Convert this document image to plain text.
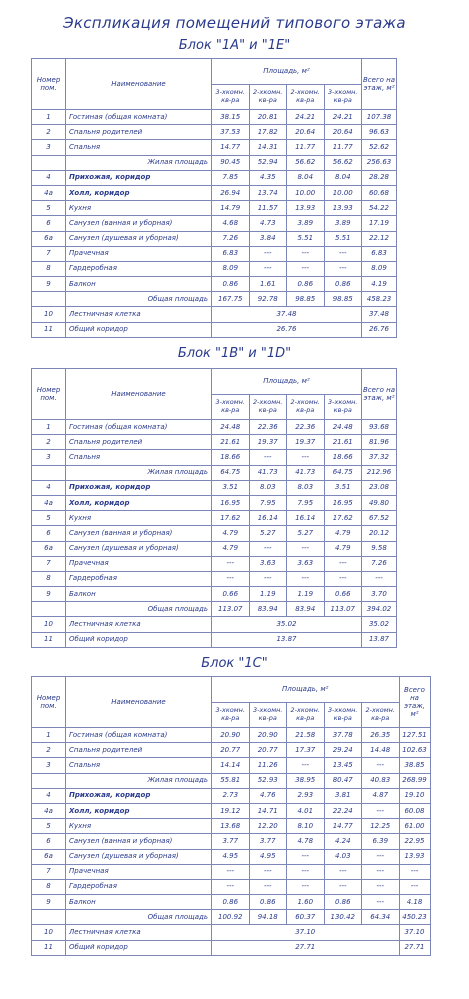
Экспликация помещений типового этажа
Блок "1А" и "1Е"
Номер пом.	Наименование	Площадь, м²				Всего на этаж, м²
		3-хкомн. кв-ра	2-хкомн. кв-ра	2-хкомн. кв-ра	3-хкомн. кв-ра	
1	Гостиная (общая комната)	38.15	20.81	24.21	24.21	107.38
2	Спальня родителей	37.53	17.82	20.64	20.64	96.63
3	Спальня	14.77	14.31	11.77	11.77	52.62
	Жилая площадь	90.45	52.94	56.62	56.62	256.63
4	Прихожая, коридор	7.85	4.35	8.04	8.04	28.28
4а	Холл, коридор	26.94	13.74	10.00	10.00	60.68
5	Кухня	14.79	11.57	13.93	13.93	54.22
6	Санузел (ванная и уборная)	4.68	4.73	3.89	3.89	17.19
6а	Санузел (душевая и уборная)	7.26	3.84	5.51	5.51	22.12
7	Прачечная	6.83	---	---	---	6.83
8	Гардеробная	8.09	---	---	---	8.09
9	Балкон	0.86	1.61	0.86	0.86	4.19
	Общая площадь	167.75	92.78	98.85	98.85	458.23
10	Лестничная клетка	37.48				37.48
11	Общий коридор	26.76				26.76
Блок "1В" и "1D"
Номер пом.	Наименование	Площадь, м²				Всего на этаж, м²
		3-хкомн. кв-ра	2-хкомн. кв-ра	2-хкомн. кв-ра	3-хкомн. кв-ра	
1	Гостиная (общая комната)	24.48	22.36	22.36	24.48	93.68
2	Спальня родителей	21.61	19.37	19.37	21.61	81.96
3	Спальня	18.66	---	---	18.66	37.32
	Жилая площадь	64.75	41.73	41.73	64.75	212.96
4	Прихожая, коридор	3.51	8.03	8.03	3.51	23.08
4а	Холл, коридор	16.95	7.95	7.95	16.95	49.80
5	Кухня	17.62	16.14	16.14	17.62	67.52
6	Санузел (ванная и уборная)	4.79	5.27	5.27	4.79	20.12
6а	Санузел (душевая и уборная)	4.79	---	---	4.79	9.58
7	Прачечная	---	3.63	3.63	---	7.26
8	Гардеробная	---	---	---	---	---
9	Балкон	0.66	1.19	1.19	0.66	3.70
	Общая площадь	113.07	83.94	83.94	113.07	394.02
10	Лестничная клетка	35.02				35.02
11	Общий коридор	13.87				13.87
Блок "1С"
Номер пом.	Наименование	Площадь, м²					Всего на этаж, м²
		3-хкомн. кв-ра	3-хкомн. кв-ра	2-хкомн. кв-ра	3-хкомн. кв-ра	2-хкомн. кв-ра	
1	Гостиная (общая комната)	20.90	20.90	21.58	37.78	26.35	127.51
2	Спальня родителей	20.77	20.77	17.37	29.24	14.48	102.63
3	Спальня	14.14	11.26	---	13.45	---	38.85
	Жилая площадь	55.81	52.93	38.95	80.47	40.83	268.99
4	Прихожая, коридор	2.73	4.76	2.93	3.81	4.87	19.10
4а	Холл, коридор	19.12	14.71	4.01	22.24	---	60.08
5	Кухня	13.68	12.20	8.10	14.77	12.25	61.00
6	Санузел (ванная и уборная)	3.77	3.77	4.78	4.24	6.39	22.95
6а	Санузел (душевая и уборная)	4.95	4.95	---	4.03	---	13.93
7	Прачечная	---	---	---	---	---	---
8	Гардеробная	---	---	---	---	---	---
9	Балкон	0.86	0.86	1.60	0.86	---	4.18
	Общая площадь	100.92	94.18	60.37	130.42	64.34	450.23
10	Лестничная клетка	37.10					37.10
11	Общий коридор	27.71					27.71
